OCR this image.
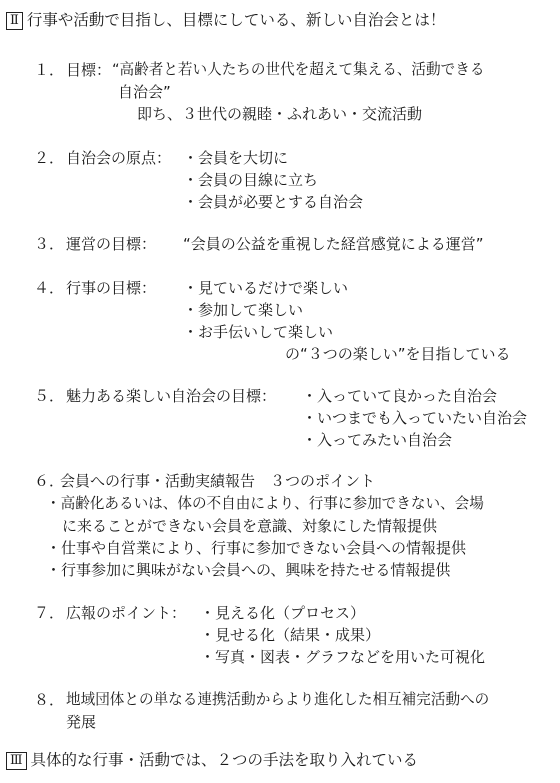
Ⅱ 行事や活動で目指し、目標にしている、新しい自治会とは！
１． 目標： “高齢者と若い人たちの世代を超えて集える、活動できる
自治会”
即ち、３世代の親睦・ふれあい・交流活動
２． 自治会の原点： ・会員を大切に
・会員の目線に立ち
・会員が必要とする自治会
３． 運営の目標： “会員の公益を重視した経営感覚による運営”
４． 行事の目標： ・見ているだけで楽しい
・参加して楽しい
・お手伝いして楽しい
の“３つの楽しい”を目指している
５． 魅力ある楽しい自治会の目標： ・入っていて良かった自治会
・いつまでも入っていたい自治会
・入ってみたい自治会
６．
会員への行事・活動実績報告　３つのポイント
・高齢化あるいは、体の不自由により、行事に参加できない、会場
に来ることができない会員を意識、対象にした情報提供
・仕事や自営業により、行事に参加できない会員への情報提供
・行事参加に興味がない会員への、興味を持たせる情報提供
７． 広報のポイント： ・見える化（プロセス）
・見せる化（結果・成果）
・写真・図表・グラフなどを用いた可視化
８． 地域団体との単なる連携活動からより進化した相互補完活動への
発展
Ⅲ 具体的な行事・活動では、２つの手法を取り入れている
